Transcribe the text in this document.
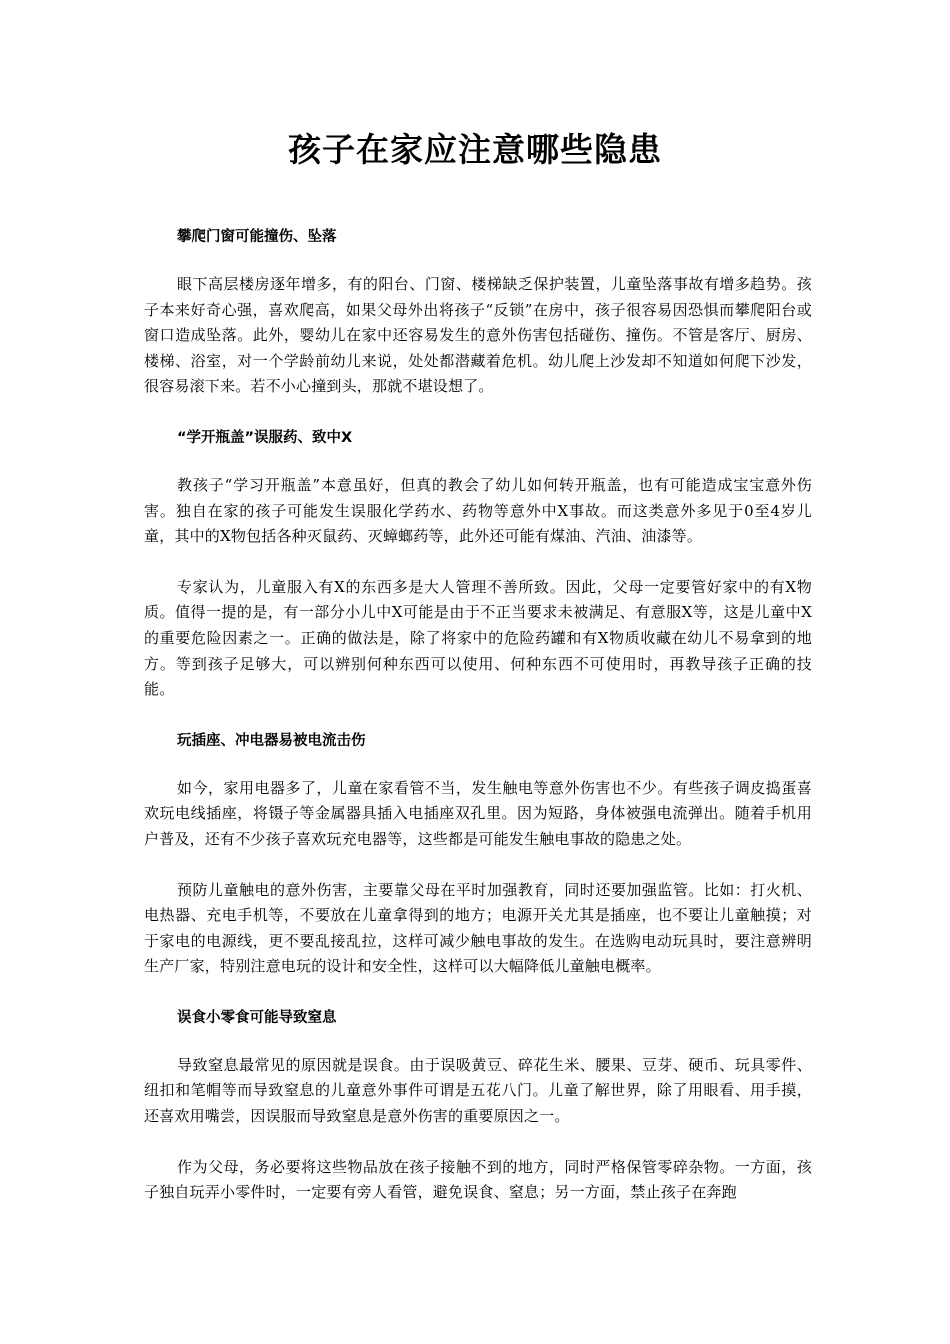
孩子在家应注意哪些隐患
攀爬门窗可能撞伤、坠落

眼下高层楼房逐年增多，有的阳台、门窗、楼梯缺乏保护装置，儿童坠落事故有增多趋势。孩子本来好奇心强，喜欢爬高，如果父母外出将孩子“反锁”在房中，孩子很容易因恐惧而攀爬阳台或窗口造成坠落。此外，婴幼儿在家中还容易发生的意外伤害包括碰伤、撞伤。不管是客厅、厨房、楼梯、浴室，对一个学龄前幼儿来说，处处都潜藏着危机。幼儿爬上沙发却不知道如何爬下沙发，很容易滚下来。若不小心撞到头，那就不堪设想了。

“学开瓶盖”误服药、致中X

教孩子“学习开瓶盖”本意虽好，但真的教会了幼儿如何转开瓶盖，也有可能造成宝宝意外伤害。独自在家的孩子可能发生误服化学药水、药物等意外中X事故。而这类意外多见于0至4岁儿童，其中的X物包括各种灭鼠药、灭蟑螂药等，此外还可能有煤油、汽油、油漆等。

专家认为，儿童服入有X的东西多是大人管理不善所致。因此，父母一定要管好家中的有X物质。值得一提的是，有一部分小儿中X可能是由于不正当要求未被满足、有意服X等，这是儿童中X的重要危险因素之一。正确的做法是，除了将家中的危险药罐和有X物质收藏在幼儿不易拿到的地方。等到孩子足够大，可以辨别何种东西可以使用、何种东西不可使用时，再教导孩子正确的技能。

玩插座、冲电器易被电流击伤

如今，家用电器多了，儿童在家看管不当，发生触电等意外伤害也不少。有些孩子调皮捣蛋喜欢玩电线插座，将镊子等金属器具插入电插座双孔里。因为短路，身体被强电流弹出。随着手机用户普及，还有不少孩子喜欢玩充电器等，这些都是可能发生触电事故的隐患之处。

预防儿童触电的意外伤害，主要靠父母在平时加强教育，同时还要加强监管。比如：打火机、电热器、充电手机等，不要放在儿童拿得到的地方；电源开关尤其是插座，也不要让儿童触摸；对于家电的电源线，更不要乱接乱拉，这样可减少触电事故的发生。在选购电动玩具时，要注意辨明生产厂家，特别注意电玩的设计和安全性，这样可以大幅降低儿童触电概率。

误食小零食可能导致窒息

导致窒息最常见的原因就是误食。由于误吸黄豆、碎花生米、腰果、豆芽、硬币、玩具零件、纽扣和笔帽等而导致窒息的儿童意外事件可谓是五花八门。儿童了解世界，除了用眼看、用手摸，还喜欢用嘴尝，因误服而导致窒息是意外伤害的重要原因之一。

作为父母，务必要将这些物品放在孩子接触不到的地方，同时严格保管零碎杂物。一方面，孩子独自玩弄小零件时，一定要有旁人看管，避免误食、窒息；另一方面，禁止孩子在奔跑
